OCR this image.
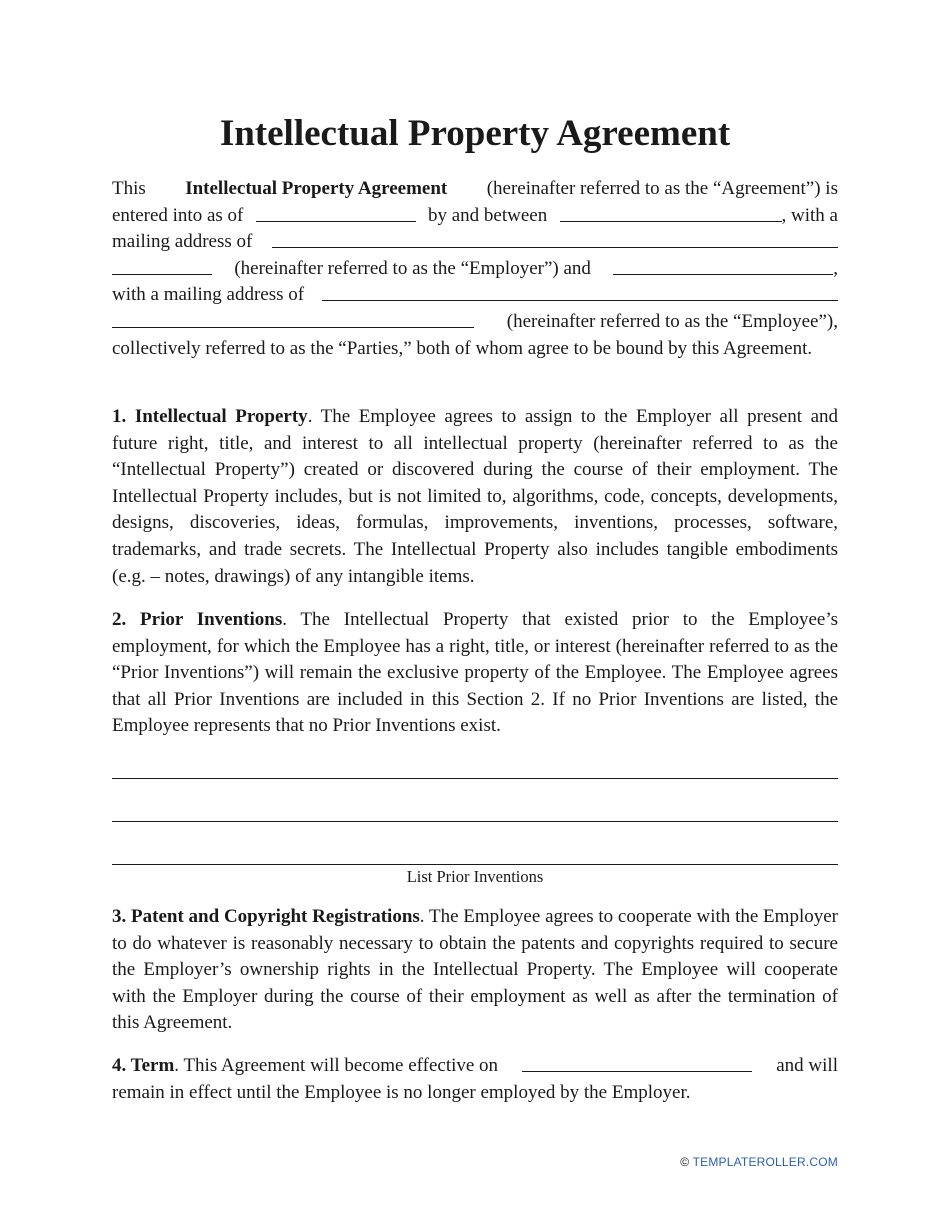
Intellectual Property Agreement
This Intellectual Property Agreement (hereinafter referred to as the “Agreement”) is
entered into as of	by and between	, with a
mailing address of
(hereinafter referred to as the “Employer”) and	,
with a mailing address of
(hereinafter referred to as the “Employee”),
collectively referred to as the “Parties,” both of whom agree to be bound by this Agreement.

1. Intellectual Property. The Employee agrees to assign to the Employer all present and future right, title, and interest to all intellectual property (hereinafter referred to as the “Intellectual Property”) created or discovered during the course of their employment. The Intellectual Property includes, but is not limited to, algorithms, code, concepts, developments, designs, discoveries, ideas, formulas, improvements, inventions, processes, software, trademarks, and trade secrets. The Intellectual Property also includes tangible embodiments (e.g. – notes, drawings) of any intangible items.

2. Prior Inventions. The Intellectual Property that existed prior to the Employee’s employment, for which the Employee has a right, title, or interest (hereinafter referred to as the “Prior Inventions”) will remain the exclusive property of the Employee. The Employee agrees that all Prior Inventions are included in this Section 2. If no Prior Inventions are listed, the Employee represents that no Prior Inventions exist.

List Prior Inventions

3. Patent and Copyright Registrations. The Employee agrees to cooperate with the Employer to do whatever is reasonably necessary to obtain the patents and copyrights required to secure the Employer’s ownership rights in the Intellectual Property. The Employee will cooperate with the Employer during the course of their employment as well as after the termination of this Agreement.

4. Term. This Agreement will become effective on	and will
remain in effect until the Employee is no longer employed by the Employer.
© TEMPLATEROLLER.COM
